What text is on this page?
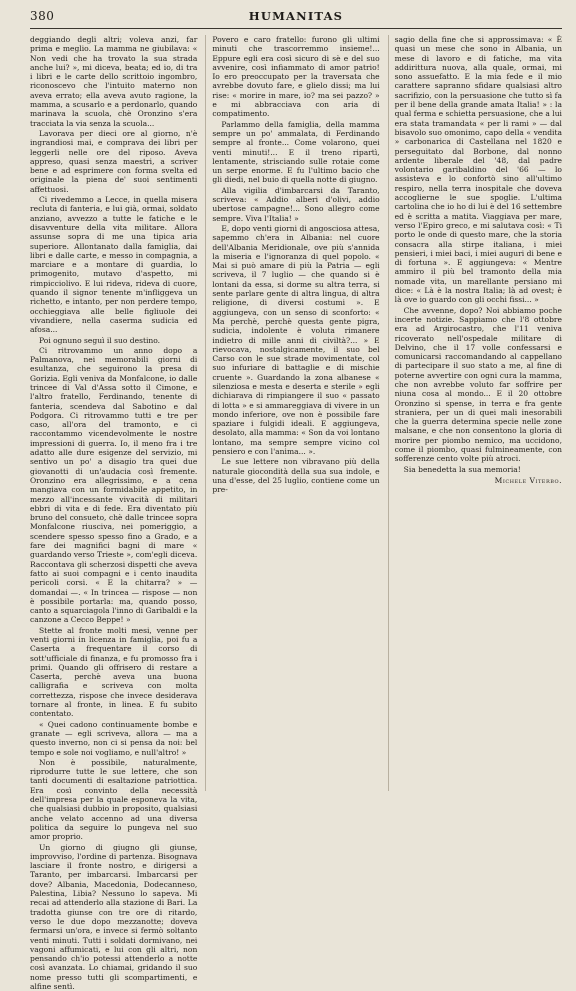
380	HUMANITAS

deggiando degli altri; voleva anzi, far prima e meglio. La mamma ne giubilava: « Non vedi che ha trovato la sua strada anche lui? », mi diceva, beata; ed io, di tra i libri e le carte dello scrittoio ingombro, riconoscevo che l'intuito materno non aveva errato; ella aveva avuto ragione, la mamma, a scusarlo e a perdonarlo, quando marinava la scuola, chè Oronzino s'era tracciata la via senza la scuola...

Lavorava per dieci ore al giorno, n'è ingrandiosi mai, e comprava dei libri per leggerli nelle ore del riposo. Aveva appreso, quasi senza maestri, a scriver bene e ad esprimere con forma svelta ed originale la piena de' suoi sentimenti affettuosi.

Ci rivedemmo a Lecce, in quella misera recluta di fanteria, e lui già, ormai, soldato anziano, avvezzo a tutte le fatiche e le disavventure della vita militare. Allora assunse sopra di me una tipica aria superiore. Allontanato dalla famiglia, dai libri e dalle carte, e messo in compagnia, a marciare e a montare di guardia, lo primogenito, mutavo d'aspetto, mi rimpicciolivo. E lui rideva, rideva di cuore, quando il signor tenente m'infliggeva un richetto, e intanto, per non perdere tempo, occhieggiava alle belle figliuole dei vivandiere, nella caserma sudicia ed afosa...

Poi ognuno seguì il suo destino.

Ci ritrovammo un anno dopo a Palmanova, nei memorabili giorni di esultanza, che seguirono la presa di Gorizia. Egli veniva da Monfalcone, io dalle trincee di Val d'Assa sotto il Cimone, e l'altro fratello, Ferdinando, tenente di fanteria, scendeva dal Sabotino e dal Podgora. Ci ritrovammo tutti e tre per caso, all'ora del tramonto, e ci raccontammo vicendevolmente le nostre impressioni di guerra. Io, il meno fra i tre adatto alle dure esigenze del servizio, mi sentivo un po' a disagio tra quei due giovanotti di un'audacia così fremente. Oronzino era allegrissimo, e a cena mangiava con un formidabile appetito, in mezzo all'incessante vivacità di militari ebbri di vita e di fede. Era diventato più bruno del consueto, chè dalle trincee sopra Monfalcone riusciva, nei pomeriggio, a scendere spesso spesso fino a Grado, e a fare dei magnifici bagni di mare « guardando verso Trieste », com'egli diceva. Raccontava gli scherzosi dispetti che aveva fatto ai suoi compagni e i cento inaudita pericoli corsi. « E la chitarra? » — domandai —. « In trincea — rispose — non è possibile portarla: ma, quando posso, canto a squarciagola l'inno di Garibaldi e la canzone a Cecco Beppe! »

Stette al fronte molti mesi, venne per venti giorni in licenza in famiglia, poi fu a Caserta a frequentare il corso di sott'ufficiale di finanza, e fu promosso fra i primi. Quando gli offrisero di restare a Caserta, perchè aveva una buona calligrafia e scriveva con molta correttezza, rispose che invece desiderava tornare al fronte, in linea. E fu subito contentato.

« Quei cadono continuamente bombe e granate — egli scriveva, allora — ma a questo inverno, non ci si pensa da noi: bel tempo e sole noi vogliamo, e null'altro! »

Non è possibile, naturalmente, riprodurre tutte le sue lettere, che son tanti documenti di esaltazione patriottica. Era così convinto della necessità dell'impresa per la quale esponeva la vita, che qualsiasi dubbio in proposito, qualsiasi anche velato accenno ad una diversa politica da seguire lo pungeva nel suo amor proprio.

Un giorno di giugno gli giunse, improvviso, l'ordine di partenza. Bisognava lasciare il fronte nostro, e dirigersi a Taranto, per imbarcarsi. Imbarcarsi per dove? Albania, Macedonia, Dodecanneso, Palestina, Libia? Nessuno lo sapeva. Mi recai ad attenderlo alla stazione di Bari. La tradotta giunse con tre ore di ritardo, verso le due dopo mezzanotte; doveva fermarsi un'ora, e invece si fermò soltanto venti minuti. Tutti i soldati dormivano, nei vagoni affumicati, e lui con gli altri, non pensando ch'io potessi attenderlo a notte così avanzata. Lo chiamai, gridando il suo nome presso tutti gli scompartimenti, e alfine sentì.

Povero e caro fratello: furono gli ultimi minuti che trascorremmo insieme!... Eppure egli era così sicuro di sè e del suo avvenire, così infiammato di amor patrio! Io ero preoccupato per la traversata che avrebbe dovuto fare, e glielo dissi; ma lui rise: « morire in mare, io? ma sei pazzo? » e mi abbracciava con aria di compatimento.

Parlammo della famiglia, della mamma sempre un po' ammalata, di Ferdinando sempre al fronte... Come volarono, quei venti minuti!... E il treno ripartì, lentamente, strisciando sulle rotaie come un serpe enorme. E fu l'ultimo bacio che gli diedi, nel buio di quella notte di giugno.

Alla vigilia d'imbarcarsi da Taranto, scriveva: « Addio alberi d'olivi, addio ubertose campagne!... Sono allegro come sempre. Viva l'Italia! »

E, dopo venti giorni di angosciosa attesa, sapemmo ch'era in Albania: nel cuore dell'Albania Meridionale, ove più s'annida la miseria e l'ignoranza di quel popolo. « Mai si può amare di più la Patria — egli scriveva, il 7 luglio — che quando si è lontani da essa, si dorme su altra terra, si sente parlare gente di altra lingua, di altra religione, di diversi costumi ». E aggiungeva, con un senso di sconforto: « Ma perchè, perchè questa gente pigra, sudicia, indolente è voluta rimanere indietro di mille anni di civiltà?... » E rievocava, nostalgicamente, il suo bel Carso con le sue strade movimentate, col suo infuriare di battaglie e di mischie cruente ». Guardando la zona albanese « silenziosa e mesta e deserta e sterile » egli dichiarava di rimpiangere il suo « passato di lotta » e si ammareggiava di vivere in un mondo inferiore, ove non è possibile fare spaziare i fulgidi ideali. E aggiungeva, desolato, alla mamma: « Son da voi lontano lontano, ma sempre sempre vicino col pensiero e con l'anima... ».

Le sue lettere non vibravano più della naturale giocondità della sua sua indole, e una d'esse, del 25 luglio, contiene come un pre-

sagio della fine che si approssimava: « È quasi un mese che sono in Albania, un mese di lavoro e di fatiche, ma vita addirittura nuova, alla quale, ormai, mi sono assuefatto. E la mia fede e il mio carattere sapranno sfidare qualsiasi altro sacrifizio, con la persuasione che tutto sì fa per il bene della grande amata Italia! » : la qual ferma e schietta persuasione, che a lui era stata tramandata « per li rami » — dal bisavolo suo omonimo, capo della « vendita » carbonarica di Castellana nel 1820 e perseguitato dal Borbone, dal nonno ardente liberale del '48, dal padre volontario garibaldino del '66 — lo assisteva e lo confortò sino all'ultimo respiro, nella terra inospitale che doveva accoglierne le sue spoglie. L'ultima cartolina che io ho di lui è del 16 settembre ed è scritta a matita. Viaggiava per mare, verso l'Epiro greco, e mi salutava così: « Ti porto le onde di questo mare, che la storia consacra alla stirpe italiana, i miei pensieri, i miei baci, i miei auguri di bene e di fortuna ». E aggiungeva: « Mentre ammiro il più bel tramonto della mia nomade vita, un marellante persiano mi dice: « Là è la nostra Italia; là ad ovest; è là ove io guardo con gli occhi fissi... »

Che avvenne, dopo? Noi abbiamo poche incerte notizie. Sappiamo che l'8 ottobre era ad Argirocastro, che l'11 veniva ricoverato nell'ospedale militare di Delvino, che il 17 volle confessarsi e comunicarsi raccomandando al cappellano di partecipare il suo stato a me, al fine di poterne avvertire con ogni cura la mamma, che non avrebbe voluto far soffrire per niuna cosa al mondo... E il 20 ottobre Oronzino si spense, in terra e fra gente straniera, per un di quei mali inesorabili che la guerra determina specie nelle zone malsane, e che non consentono la gloria di morire per piombo nemico, ma uccidono, come il piombo, quasi fulmineamente, con sofferenze cento volte più atroci.

Sia benedetta la sua memoria!

Michele Viterbo.
